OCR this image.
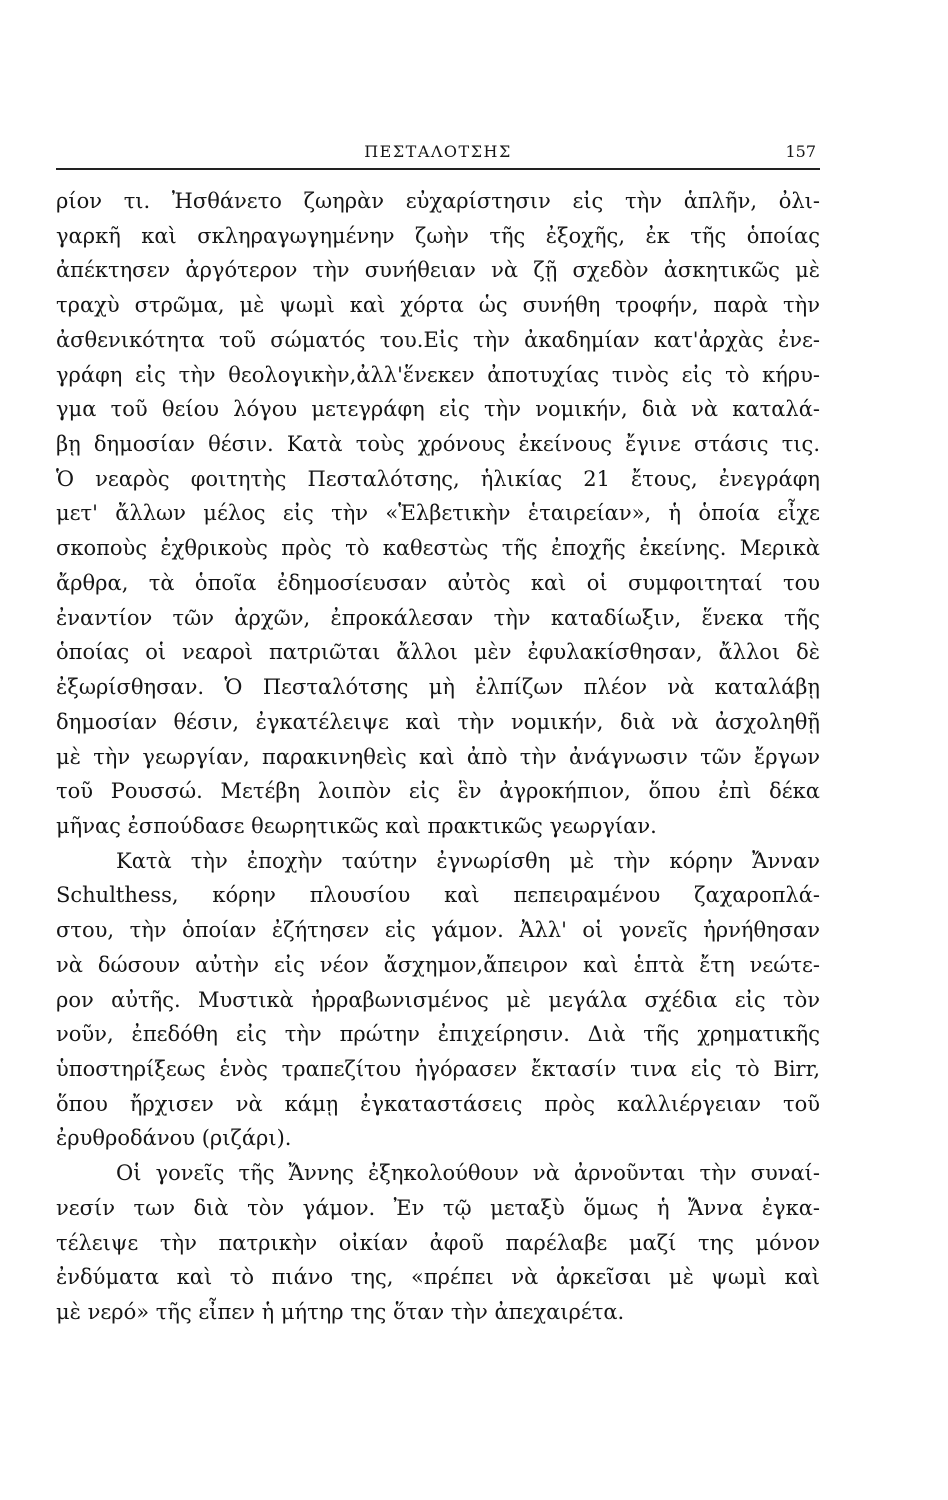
ΠΕΣΤΑΛΟΤΣΗΣ	157
ρίον τι. Ἠσθάνετο ζωηρὰν εὐχαρίστησιν εἰς τὴν ἁπλῆν, ὀλι-
γαρκῆ καὶ σκληραγωγημένην ζωὴν τῆς ἐξοχῆς, ἐκ τῆς ὁποίας
ἀπέκτησεν ἀργότερον τὴν συνήθειαν νὰ ζῇ σχεδὸν ἀσκητικῶς μὲ
τραχὺ στρῶμα, μὲ ψωμὶ καὶ χόρτα ὡς συνήθη τροφήν, παρὰ τὴν
ἀσθενικότητα τοῦ σώματός του.Εἰς τὴν ἀκαδημίαν κατ'ἀρχὰς ἐνε-
γράφη εἰς τὴν θεολογικὴν,ἀλλ'ἕνεκεν ἀποτυχίας τινὸς εἰς τὸ κήρυ-
γμα τοῦ θείου λόγου μετεγράφη εἰς τὴν νομικήν, διὰ νὰ καταλά-
βῃ δημοσίαν θέσιν. Κατὰ τοὺς χρόνους ἐκείνους ἔγινε στάσις τις.
Ὁ νεαρὸς φοιτητὴς Πεσταλότσης, ἡλικίας 21 ἔτους, ἐνεγράφη
μετ' ἄλλων μέλος εἰς τὴν «Ἑλβετικὴν ἑταιρείαν», ἡ ὁποία εἶχε
σκοποὺς ἐχθρικοὺς πρὸς τὸ καθεστὼς τῆς ἐποχῆς ἐκείνης. Μερικὰ
ἄρθρα, τὰ ὁποῖα ἐδημοσίευσαν αὐτὸς καὶ οἱ συμφοιτηταί του
ἐναντίον τῶν ἀρχῶν, ἐπροκάλεσαν τὴν καταδίωξιν, ἕνεκα τῆς
ὁποίας οἱ νεαροὶ πατριῶται ἄλλοι μὲν ἐφυλακίσθησαν, ἄλλοι δὲ
ἐξωρίσθησαν. Ὁ Πεσταλότσης μὴ ἐλπίζων πλέον νὰ καταλάβῃ
δημοσίαν θέσιν, ἐγκατέλειψε καὶ τὴν νομικήν, διὰ νὰ ἀσχοληθῇ
μὲ τὴν γεωργίαν, παρακινηθεὶς καὶ ἀπὸ τὴν ἀνάγνωσιν τῶν ἔργων
τοῦ Ρουσσώ. Μετέβη λοιπὸν εἰς ἓν ἀγροκήπιον, ὅπου ἐπὶ δέκα
μῆνας ἐσπούδασε θεωρητικῶς καὶ πρακτικῶς γεωργίαν.
Κατὰ τὴν ἐποχὴν ταύτην ἐγνωρίσθη μὲ τὴν κόρην Ἄνναν
Schulthess, κόρην πλουσίου καὶ πεπειραμένου ζαχαροπλά-
στου, τὴν ὁποίαν ἐζήτησεν εἰς γάμον. Ἀλλ' οἱ γονεῖς ἠρνήθησαν
νὰ δώσουν αὐτὴν εἰς νέον ἄσχημον,ἄπειρον καὶ ἑπτὰ ἔτη νεώτε-
ρον αὐτῆς. Μυστικὰ ἠρραβωνισμένος μὲ μεγάλα σχέδια εἰς τὸν
νοῦν, ἐπεδόθη εἰς τὴν πρώτην ἐπιχείρησιν. Διὰ τῆς χρηματικῆς
ὑποστηρίξεως ἑνὸς τραπεζίτου ἠγόρασεν ἔκτασίν τινα εἰς τὸ Birr,
ὅπου ἤρχισεν νὰ κάμῃ ἐγκαταστάσεις πρὸς καλλιέργειαν τοῦ
ἐρυθροδάνου (ριζάρι).
Οἱ γονεῖς τῆς Ἄννης ἐξηκολούθουν νὰ ἀρνοῦνται τὴν συναί-
νεσίν των διὰ τὸν γάμον. Ἐν τῷ μεταξὺ ὅμως ἡ Ἄννα ἐγκα-
τέλειψε τὴν πατρικὴν οἰκίαν ἀφοῦ παρέλαβε μαζί της μόνον
ἐνδύματα καὶ τὸ πιάνο της, «πρέπει νὰ ἀρκεῖσαι μὲ ψωμὶ καὶ
μὲ νερό» τῆς εἶπεν ἡ μήτηρ της ὅταν τὴν ἀπεχαιρέτα.
